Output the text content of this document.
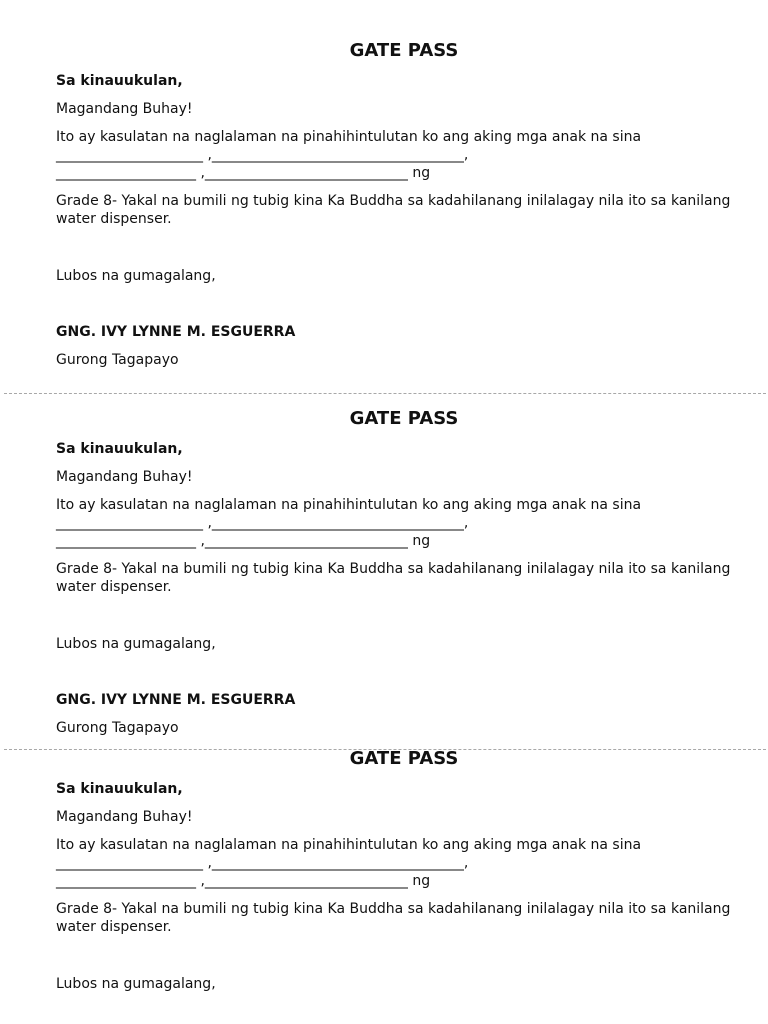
GATE PASS
Sa kinauukulan,
Magandang Buhay!
Ito ay kasulatan na naglalaman na pinahihintulutan ko ang aking mga anak na sina
_____________________ ,____________________________________,
____________________ ,_____________________________ ng
Grade 8- Yakal na bumili ng tubig kina Ka Buddha sa kadahilanang inilalagay nila ito sa kanilang water dispenser.
Lubos na gumagalang,
GNG. IVY LYNNE M. ESGUERRA
Gurong Tagapayo
GATE PASS
Sa kinauukulan,
Magandang Buhay!
Ito ay kasulatan na naglalaman na pinahihintulutan ko ang aking mga anak na sina
_____________________ ,____________________________________,
____________________ ,_____________________________ ng
Grade 8- Yakal na bumili ng tubig kina Ka Buddha sa kadahilanang inilalagay nila ito sa kanilang water dispenser.
Lubos na gumagalang,
GNG. IVY LYNNE M. ESGUERRA
Gurong Tagapayo
GATE PASS
Sa kinauukulan,
Magandang Buhay!
Ito ay kasulatan na naglalaman na pinahihintulutan ko ang aking mga anak na sina
_____________________ ,____________________________________,
____________________ ,_____________________________ ng
Grade 8- Yakal na bumili ng tubig kina Ka Buddha sa kadahilanang inilalagay nila ito sa kanilang water dispenser.
Lubos na gumagalang,
